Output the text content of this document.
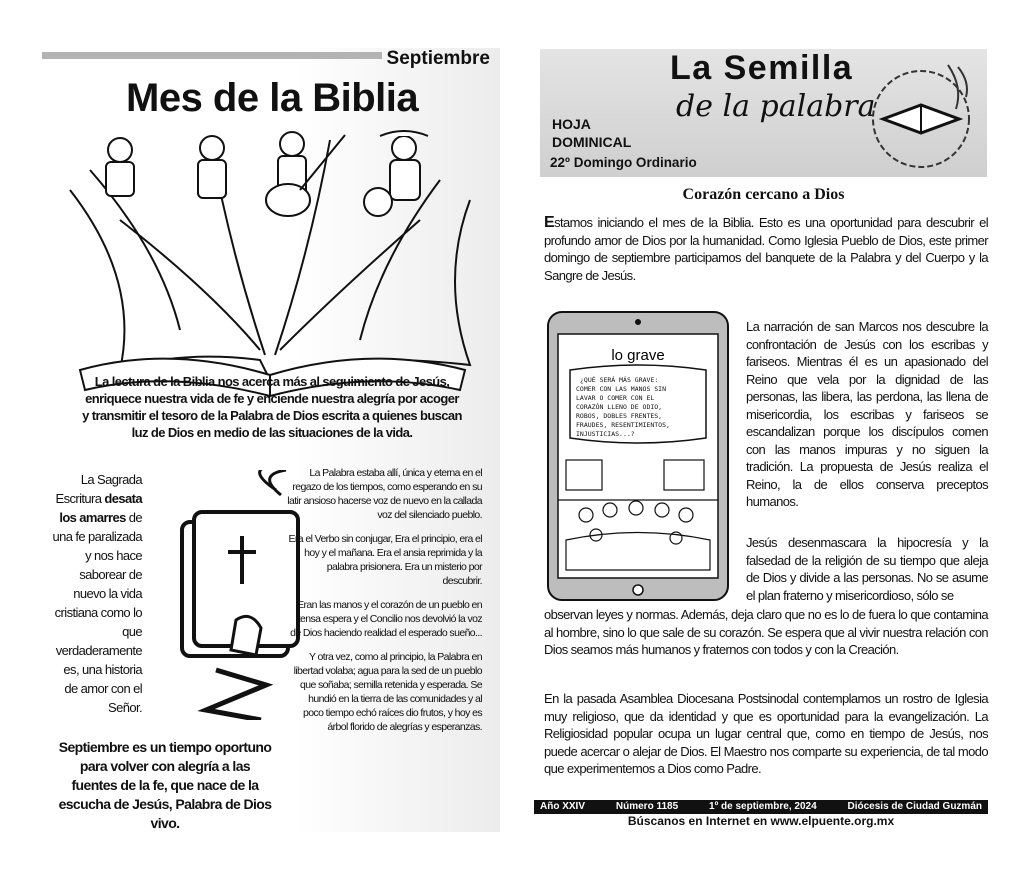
Septiembre
Mes de la Biblia
La lectura de la Biblia nos acerca más al seguimiento de Jesús, enriquece nuestra vida de fe y enciende nuestra alegría por acoger y transmitir el tesoro de la Palabra de Dios escrita a quienes buscan luz de Dios en medio de las situaciones de la vida.
La Sagrada Escritura desata los amarres de una fe paralizada y nos hace saborear de nuevo la vida cristiana como lo que verdaderamente es, una historia de amor con el Señor.

La Palabra estaba allí, única y eterna en el regazo de los tiempos, como esperando en su latir ansioso hacerse voz de nuevo en la callada voz del silenciado pueblo.

Era el Verbo sin conjugar, Era el principio, era el hoy y el mañana. Era el ansia reprimida y la palabra prisionera. Era un misterio por descubrir.

Eran las manos y el corazón de un pueblo en tensa espera y el Concilio nos devolvió la voz de Dios haciendo realidad el esperado sueño...

Y otra vez, como al principio, la Palabra en libertad volaba; agua para la sed de un pueblo que soñaba; semilla retenida y esperada. Se hundió en la tierra de las comunidades y al poco tiempo echó raíces dio frutos, y hoy es árbol florido de alegrías y esperanzas.

Septiembre es un tiempo oportuno para volver con alegría a las fuentes de la fe, que nace de la escucha de Jesús, Palabra de Dios vivo.
La Semilla
de la palabra
HOJA
DOMINICAL
22º Domingo Ordinario
Corazón cercano a Dios
Estamos iniciando el mes de la Biblia. Esto es una oportunidad para descubrir el profundo amor de Dios por la humanidad. Como Iglesia Pueblo de Dios, este primer domingo de septiembre participamos del banquete de la Palabra y del Cuerpo y la Sangre de Jesús.
lo grave
¿QUÉ SERÁ MÁS GRAVE: COMER CON LAS MANOS SIN LAVAR O COMER CON EL CORAZÓN LLENO DE ODIO, ROBOS, DOBLES FRENTES, FRAUDES, RESENTIMIENTOS, INJUSTICIAS...?
La narración de san Marcos nos descubre la confrontación de Jesús con los escribas y fariseos. Mientras él es un apasionado del Reino que vela por la dignidad de las personas, las libera, las perdona, las llena de misericordia, los escribas y fariseos se escandalizan porque los discípulos comen con las manos impuras y no siguen la tradición. La propuesta de Jesús realiza el Reino, la de ellos conserva preceptos humanos.
Jesús desenmascara la hipocresía y la falsedad de la religión de su tiempo que aleja de Dios y divide a las personas. No se asume el plan fraterno y misericordioso, sólo se
observan leyes y normas. Además, deja claro que no es lo de fuera lo que contamina al hombre, sino lo que sale de su corazón. Se espera que al vivir nuestra relación con Dios seamos más humanos y fraternos con todos y con la Creación.
En la pasada Asamblea Diocesana Postsinodal contemplamos un rostro de Iglesia muy religioso, que da identidad y que es oportunidad para la evangelización. La Religiosidad popular ocupa un lugar central que, como en tiempo de Jesús, nos puede acercar o alejar de Dios. El Maestro nos comparte su experiencia, de tal modo que experimentemos a Dios como Padre.
Año XXIV	Número 1185	1º de septiembre, 2024	Diócesis de Ciudad Guzmán
Búscanos en Internet en www.elpuente.org.mx
